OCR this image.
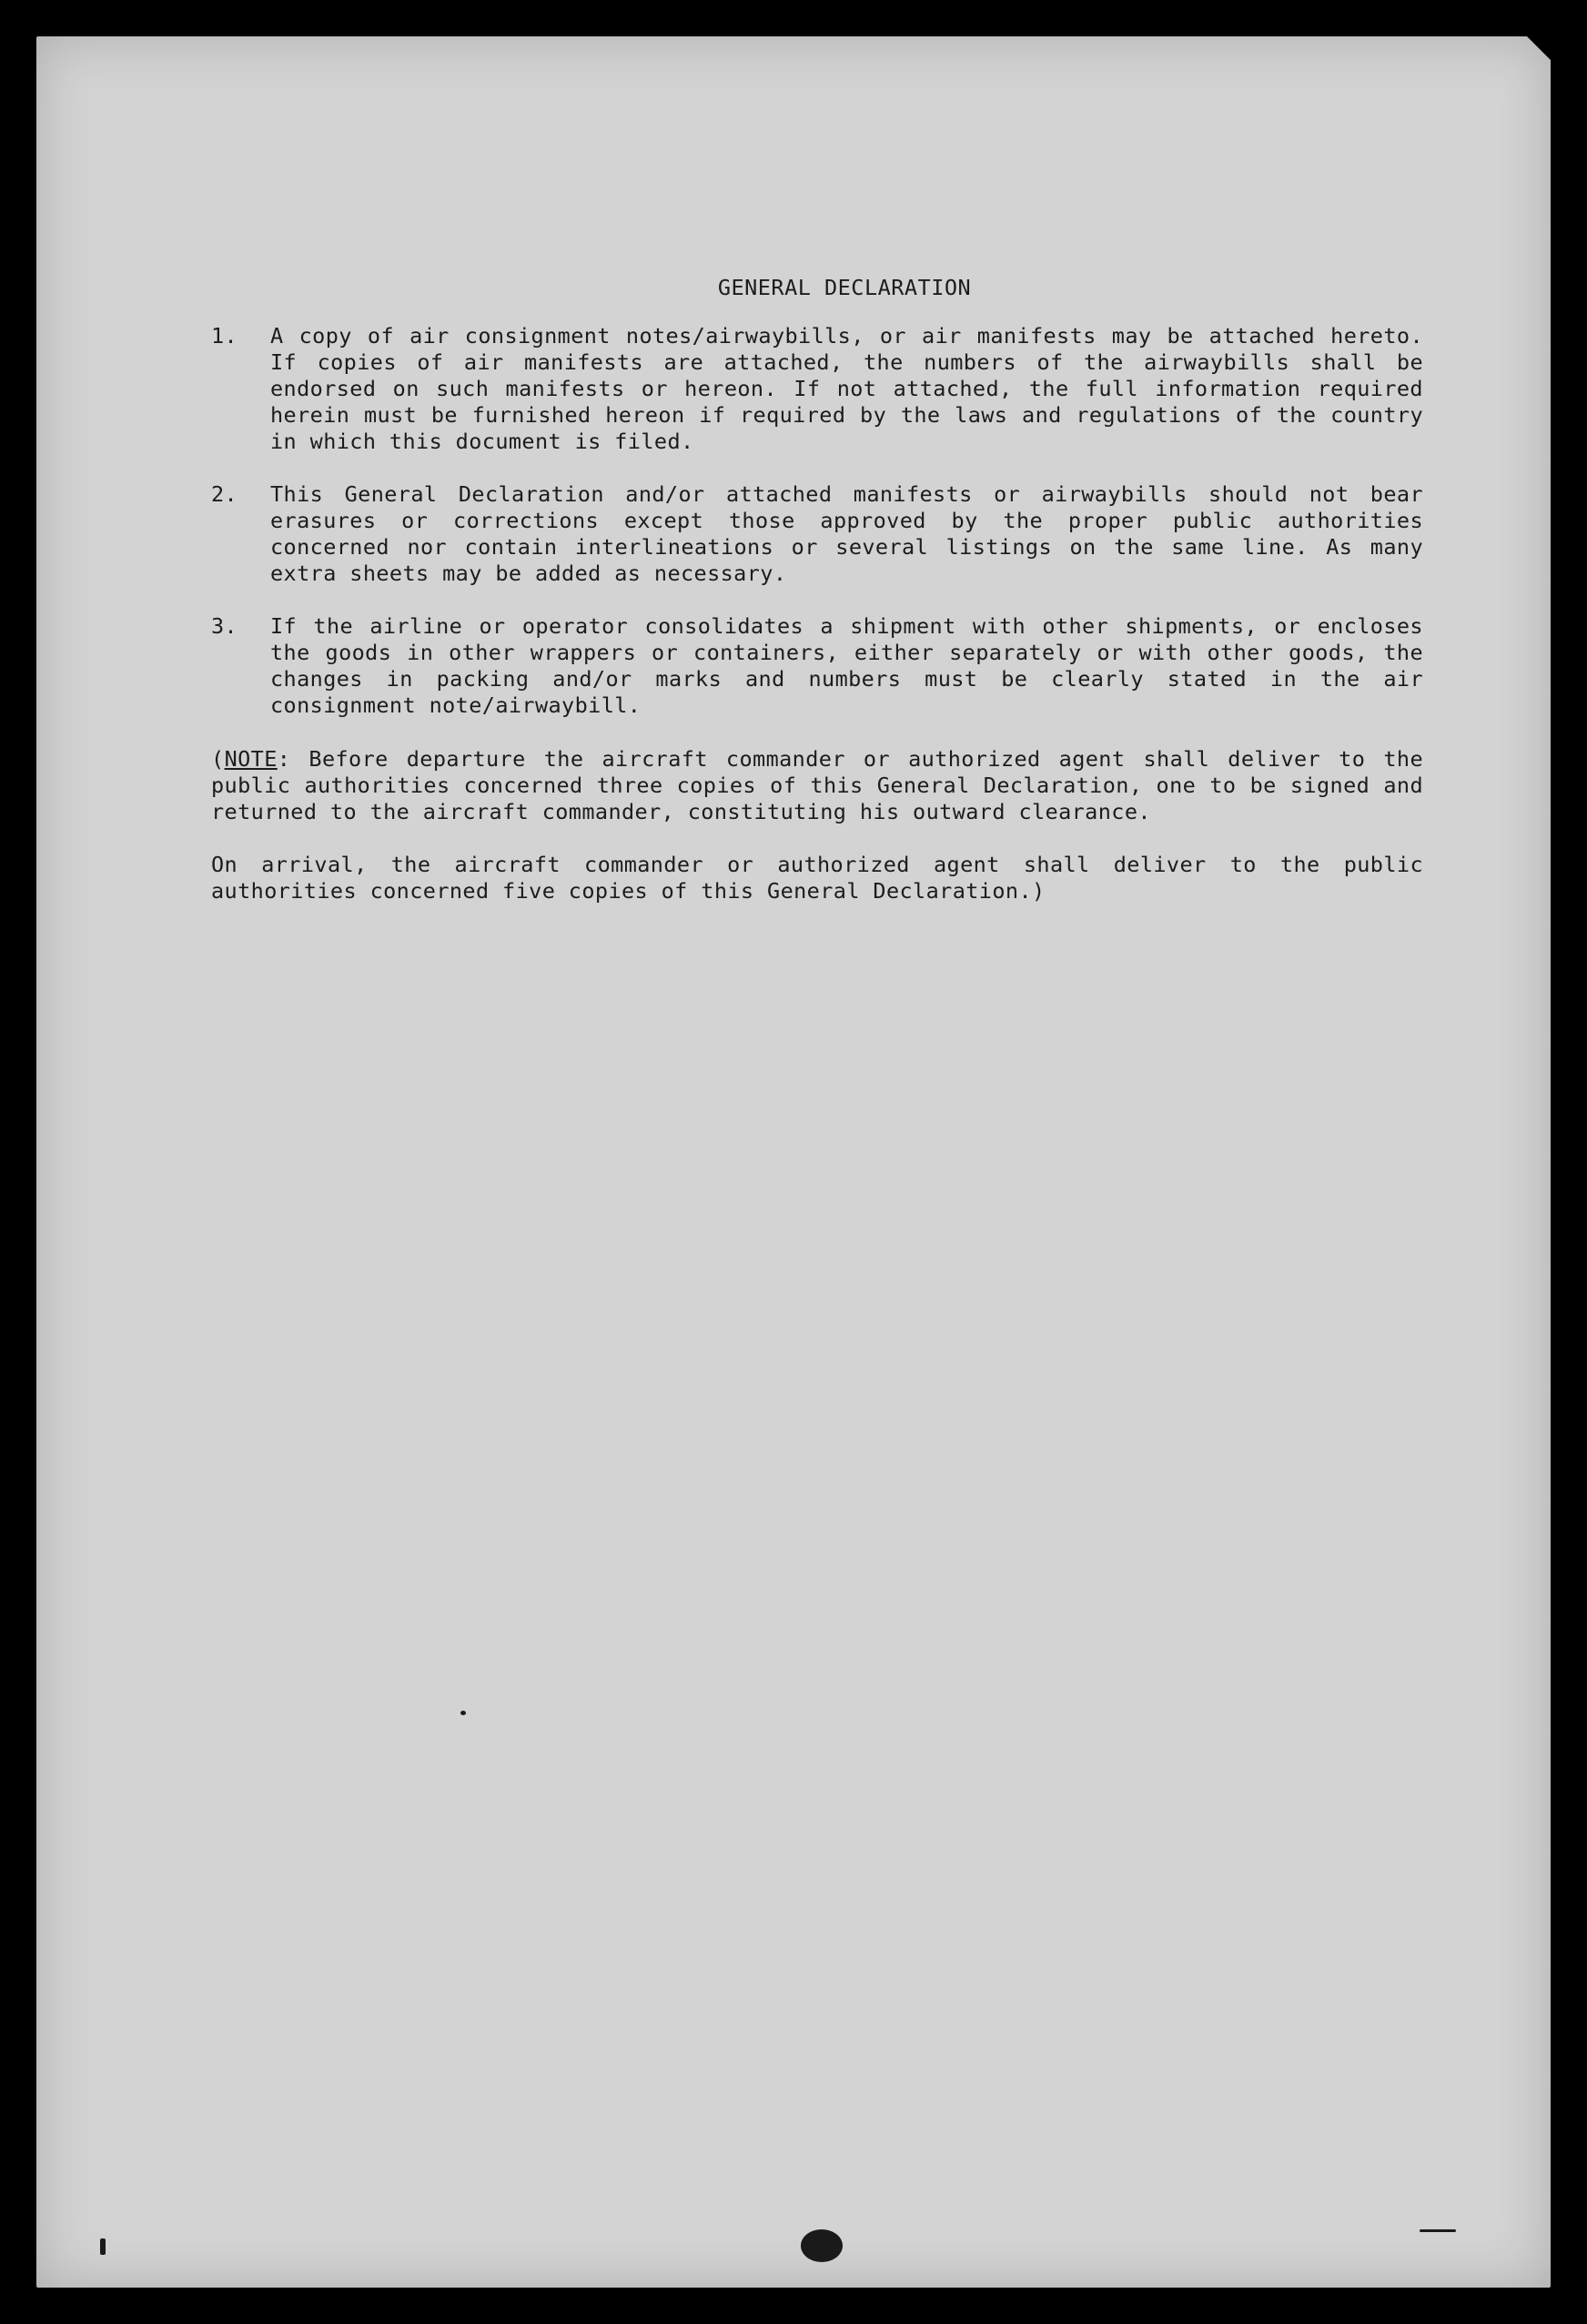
GENERAL DECLARATION
1.	A copy of air consignment notes/airwaybills, or air manifests may be attached hereto. If copies of air manifests are attached, the numbers of the airwaybills shall be endorsed on such manifests or hereon. If not attached, the full information required herein must be furnished hereon if required by the laws and regulations of the country in which this document is filed.
2.	This General Declaration and/or attached manifests or airwaybills should not bear erasures or corrections except those approved by the proper public authorities concerned nor contain interlineations or several listings on the same line. As many extra sheets may be added as necessary.
3.	If the airline or operator consolidates a shipment with other shipments, or encloses the goods in other wrappers or containers, either separately or with other goods, the changes in packing and/or marks and numbers must be clearly stated in the air consignment note/airwaybill.
(NOTE: Before departure the aircraft commander or authorized agent shall deliver to the public authorities concerned three copies of this General Declaration, one to be signed and returned to the aircraft commander, constituting his outward clearance.
On arrival, the aircraft commander or authorized agent shall deliver to the public authorities concerned five copies of this General Declaration.)
